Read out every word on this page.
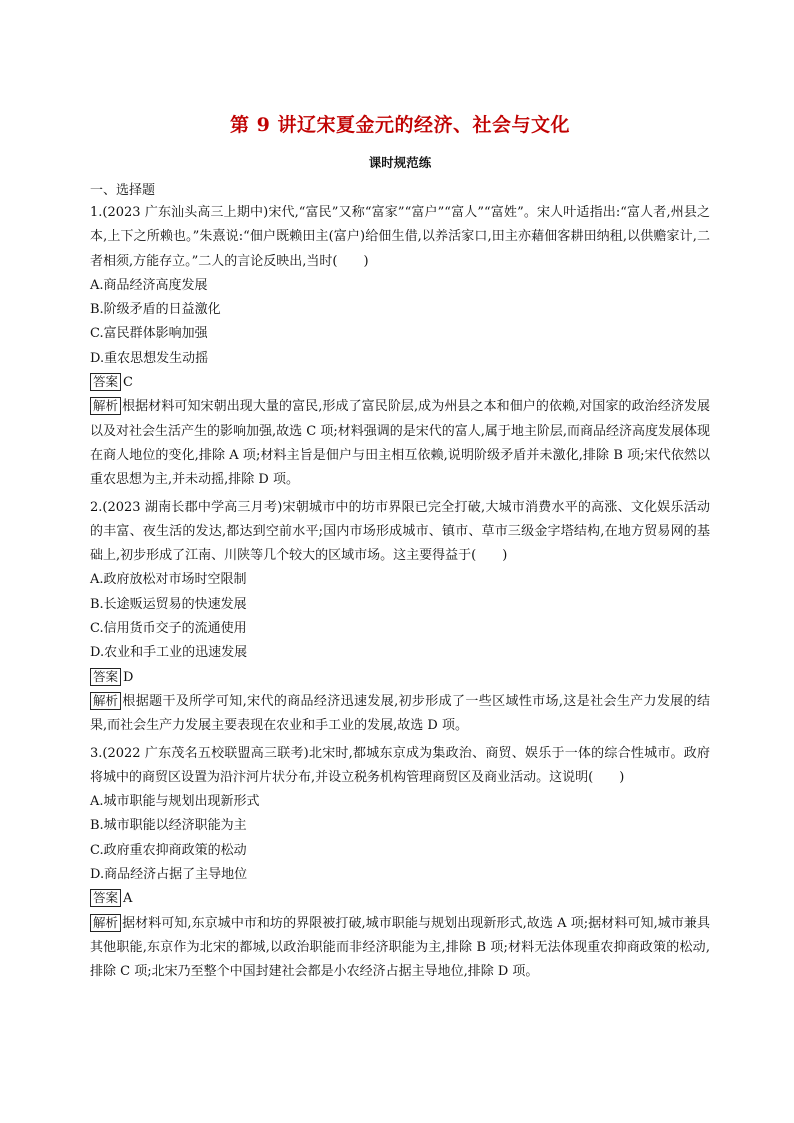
第 9 讲辽宋夏金元的经济、社会与文化
课时规范练
一、选择题

1.(2023 广东汕头高三上期中)宋代,“富民”又称“富家”“富户”“富人”“富姓”。宋人叶适指出:“富人者,州县之本,上下之所赖也。”朱熹说:“佃户既赖田主(富户)给佃生借,以养活家口,田主亦藉佃客耕田纳租,以供赡家计,二者相须,方能存立。”二人的言论反映出,当时(　　)

A.商品经济高度发展
B.阶级矛盾的日益激化
C.富民群体影响加强
D.重农思想发生动摇
答案 C
解析 根据材料可知宋朝出现大量的富民,形成了富民阶层,成为州县之本和佃户的依赖,对国家的政治经济发展以及对社会生活产生的影响加强,故选 C 项;材料强调的是宋代的富人,属于地主阶层,而商品经济高度发展体现在商人地位的变化,排除 A 项;材料主旨是佃户与田主相互依赖,说明阶级矛盾并未激化,排除 B 项;宋代依然以重农思想为主,并未动摇,排除 D 项。

2.(2023 湖南长郡中学高三月考)宋朝城市中的坊市界限已完全打破,大城市消费水平的高涨、文化娱乐活动的丰富、夜生活的发达,都达到空前水平;国内市场形成城市、镇市、草市三级金字塔结构,在地方贸易网的基础上,初步形成了江南、川陕等几个较大的区域市场。这主要得益于(　　)

A.政府放松对市场时空限制
B.长途贩运贸易的快速发展
C.信用货币交子的流通使用
D.农业和手工业的迅速发展
答案 D
解析 根据题干及所学可知,宋代的商品经济迅速发展,初步形成了一些区域性市场,这是社会生产力发展的结果,而社会生产力发展主要表现在农业和手工业的发展,故选 D 项。

3.(2022 广东茂名五校联盟高三联考)北宋时,都城东京成为集政治、商贸、娱乐于一体的综合性城市。政府将城中的商贸区设置为沿汴河片状分布,并设立税务机构管理商贸区及商业活动。这说明(　　)

A.城市职能与规划出现新形式
B.城市职能以经济职能为主
C.政府重农抑商政策的松动
D.商品经济占据了主导地位
答案 A
解析 据材料可知,东京城中市和坊的界限被打破,城市职能与规划出现新形式,故选 A 项;据材料可知,城市兼具其他职能,东京作为北宋的都城,以政治职能而非经济职能为主,排除 B 项;材料无法体现重农抑商政策的松动,排除 C 项;北宋乃至整个中国封建社会都是小农经济占据主导地位,排除 D 项。
